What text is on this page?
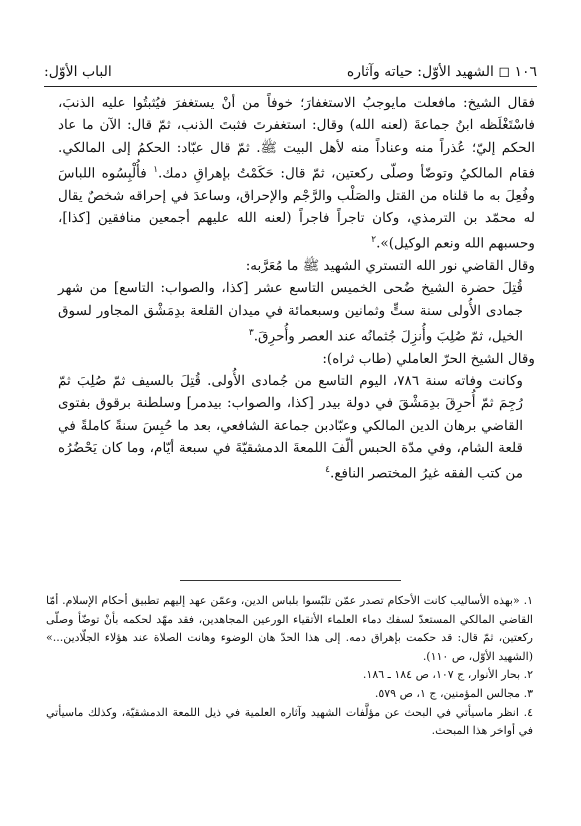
الباب الأوّل:	١٠٦ ◻ الشهيد الأوّل: حياته وآثاره

فقال الشيخ: مافعلت مايوجبُ الاستغفارَ؛ خوفاً من أنْ يستغفرَ فيُثبتُوا عليه الذنبَ، فاسْتَغْلَظه ابنُ جماعةَ (لعنه الله) وقال: استغفرتَ فثبتَ الذنب، ثمّ قال: الآن ما عاد الحكم إليّ؛ عُذراً منه وعناداً منه لأهل البيت ﷺ. ثمّ قال عبّاد: الحكمُ إلى المالكي. فقام المالكيُ وتوضّأ وصلّى ركعتين، ثمّ قال: حَكَمْتُ بإهراقِ دمك.$^١$ فأُلْبِسُوه اللباسَ وفُعِلَ به ما قلناه من القتل والصَلْب والرَّجْم والإحراق، وساعدَ في إحراقه شخصٌ يقال له محمّد بن الترمذي، وكان تاجراً فاجراً (لعنه الله عليهم أجمعين منافقين [كذا]، وحسبهم الله ونعم الوكيل)».$^٢$

وقال القاضي نور الله التستري الشهيد ﷺ ما مُعَرَّبه:

قُتِلَ حضرة الشيخ ضُحى الخميس التاسع عشر [كذا، والصواب: التاسع] من شهر جمادى الأُولى سنة ستٍّ وثمانين وسبعمائة في ميدان القلعة بدِمَشْق المجاور لسوق الخيل، ثمّ صُلِبَ وأُنزِلَ جُثمانُه عند العصر وأُحرِقَ.$^٣$

وقال الشيخ الحرّ العاملي (طاب ثراه):

وكانت وفاته سنة ٧٨٦، اليوم التاسع من جُمادى الأُولى. قُتِلَ بالسيف ثمّ صُلِبَ ثمّ رُجِمَ ثمّ أُحرِقَ بدِمَشْقَ في دولة بيدر [كذا، والصواب: بيدمر] وسلطنة برقوق بفتوى القاضي برهان الدين المالكي وعبّادبن جماعة الشافعي، بعد ما حُبِسَ سنةً كاملةً في قلعة الشام، وفي مدّة الحبس ألّفَ اللمعةَ الدمشقيّةَ في سبعة أيّام، وما كان يَحْضُرُه من كتب الفقه غيرُ المختصر النافع.$^٤$

١. «بهذه الأساليب كانت الأحكام تصدر عمّن تلبّسوا بلباس الدين، وعمّن عهد إليهم تطبيق أحكام الإسلام. أمّا القاضي المالكي المستعدّ لسفك دماء العلماء الأتقياء الورعين المجاهدين، فقد مهّد لحكمه بأنْ توضّأ وصلّى ركعتين، ثمّ قال: قد حكمت بإهراق دمه. إلى هذا الحدّ هان الوضوء وهانت الصلاة عند هؤلاء الجلّادين...» (الشهيد الأوّل، ص ١١٠).

٢. بحار الأنوار، ج ١٠٧، ص ١٨٤ ـ ١٨٦.

٣. مجالس المؤمنين، ج ١، ص ٥٧٩.

٤. انظر ماسيأتي في البحث عن مؤلَّفات الشهيد وآثاره العلمية في ذيل اللمعة الدمشقيّة، وكذلك ماسيأتي في أواخر هذا المبحث.
